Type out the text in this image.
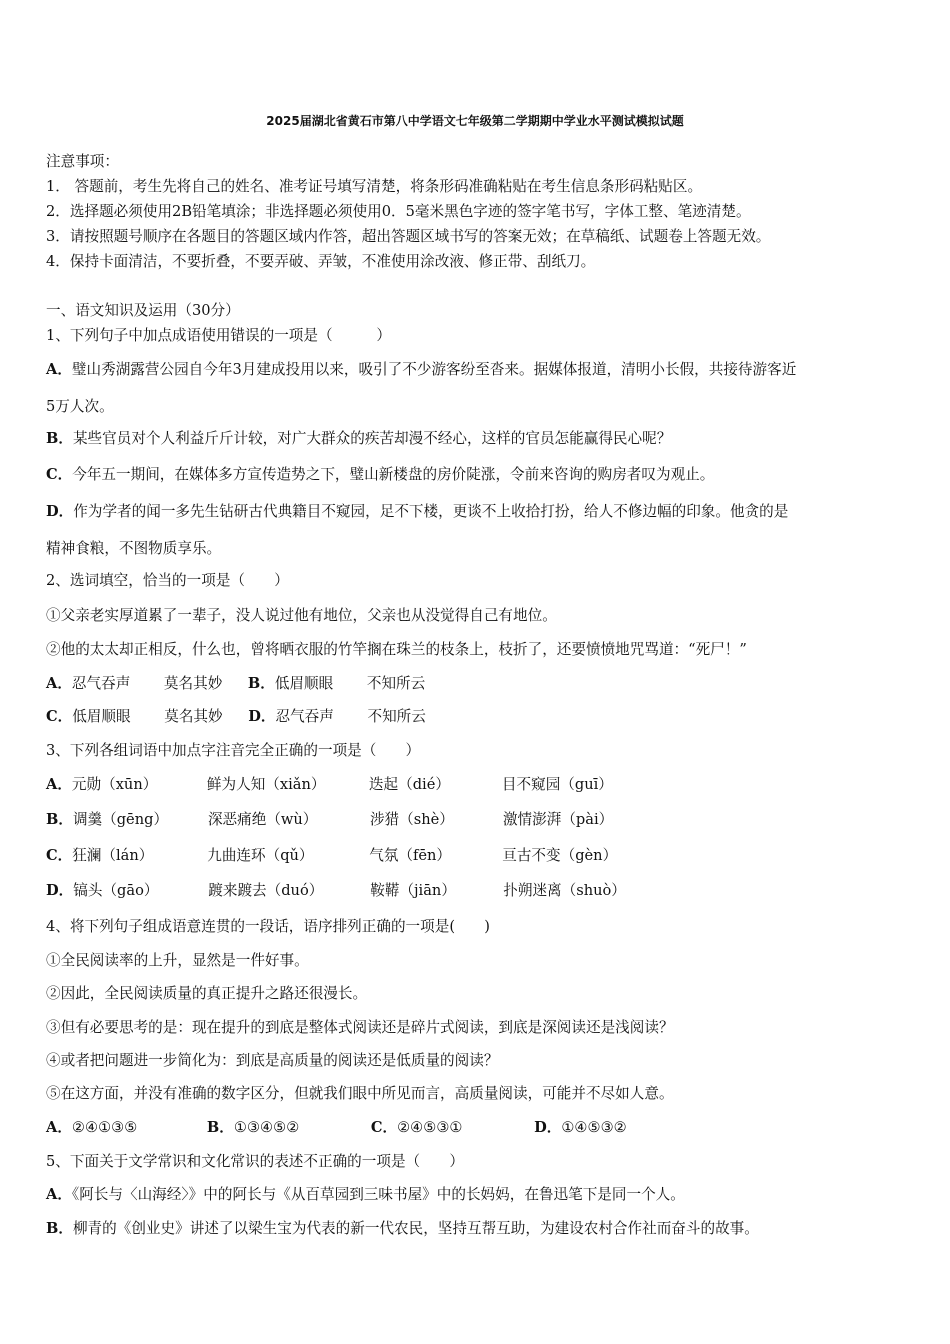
2025届湖北省黄石市第八中学语文七年级第二学期期中学业水平测试模拟试题

注意事项：

1． 答题前，考生先将自己的姓名、准考证号填写清楚，将条形码准确粘贴在考生信息条形码粘贴区。

2．选择题必须使用2B铅笔填涂；非选择题必须使用0．5毫米黑色字迹的签字笔书写，字体工整、笔迹清楚。

3．请按照题号顺序在各题目的答题区域内作答，超出答题区域书写的答案无效；在草稿纸、试题卷上答题无效。

4．保持卡面清洁，不要折叠，不要弄破、弄皱，不准使用涂改液、修正带、刮纸刀。

一、语文知识及运用（30分）

1、下列句子中加点成语使用错误的一项是（　　　）

A．璧山秀湖露营公园自今年3月建成投用以来，吸引了不少游客纷至沓来。据媒体报道，清明小长假，共接待游客近

5万人次。

B．某些官员对个人利益斤斤计较，对广大群众的疾苦却漫不经心，这样的官员怎能赢得民心呢？

C．今年五一期间，在媒体多方宣传造势之下，璧山新楼盘的房价陡涨，令前来咨询的购房者叹为观止。

D．作为学者的闻一多先生钻研古代典籍目不窥园，足不下楼，更谈不上收拾打扮，给人不修边幅的印象。他贪的是

精神食粮，不图物质享乐。

2、选词填空，恰当的一项是（　　）

①父亲老实厚道累了一辈子，没人说过他有地位，父亲也从没觉得自己有地位。

②他的太太却正相反，什么也，曾将晒衣服的竹竿搁在珠兰的枝条上，枝折了，还要愤愤地咒骂道：“死尸！”

A．忍气吞声 莫名其妙 B．低眉顺眼 不知所云

C．低眉顺眼 莫名其妙 D．忍气吞声 不知所云

3、下列各组词语中加点字注音完全正确的一项是（　　）

A．元勋（xūn）	鲜为人知（xiǎn）	迭起（dié）	目不窥园（guī）

B．调羹（gēng）	深恶痛绝（wù）	涉猎（shè）	激情澎湃（pài）

C．狂澜（lán）	九曲连环（qǔ）	气氛（fēn）	亘古不变（gèn）

D．镐头（gāo）	踱来踱去（duó）	鞍鞯（jiān）	扑朔迷离（shuò）

4、将下列句子组成语意连贯的一段话，语序排列正确的一项是(　　)

①全民阅读率的上升，显然是一件好事。

②因此，全民阅读质量的真正提升之路还很漫长。

③但有必要思考的是：现在提升的到底是整体式阅读还是碎片式阅读，到底是深阅读还是浅阅读？

④或者把问题进一步简化为：到底是高质量的阅读还是低质量的阅读？

⑤在这方面，并没有准确的数字区分，但就我们眼中所见而言，高质量阅读，可能并不尽如人意。

A．②④①③⑤	B．①③④⑤②	C．②④⑤③①	D．①④⑤③②

5、下面关于文学常识和文化常识的表述不正确的一项是（　　）

A．《阿长与〈山海经〉》中的阿长与《从百草园到三味书屋》中的长妈妈，在鲁迅笔下是同一个人。

B．柳青的《创业史》讲述了以梁生宝为代表的新一代农民，坚持互帮互助，为建设农村合作社而奋斗的故事。
